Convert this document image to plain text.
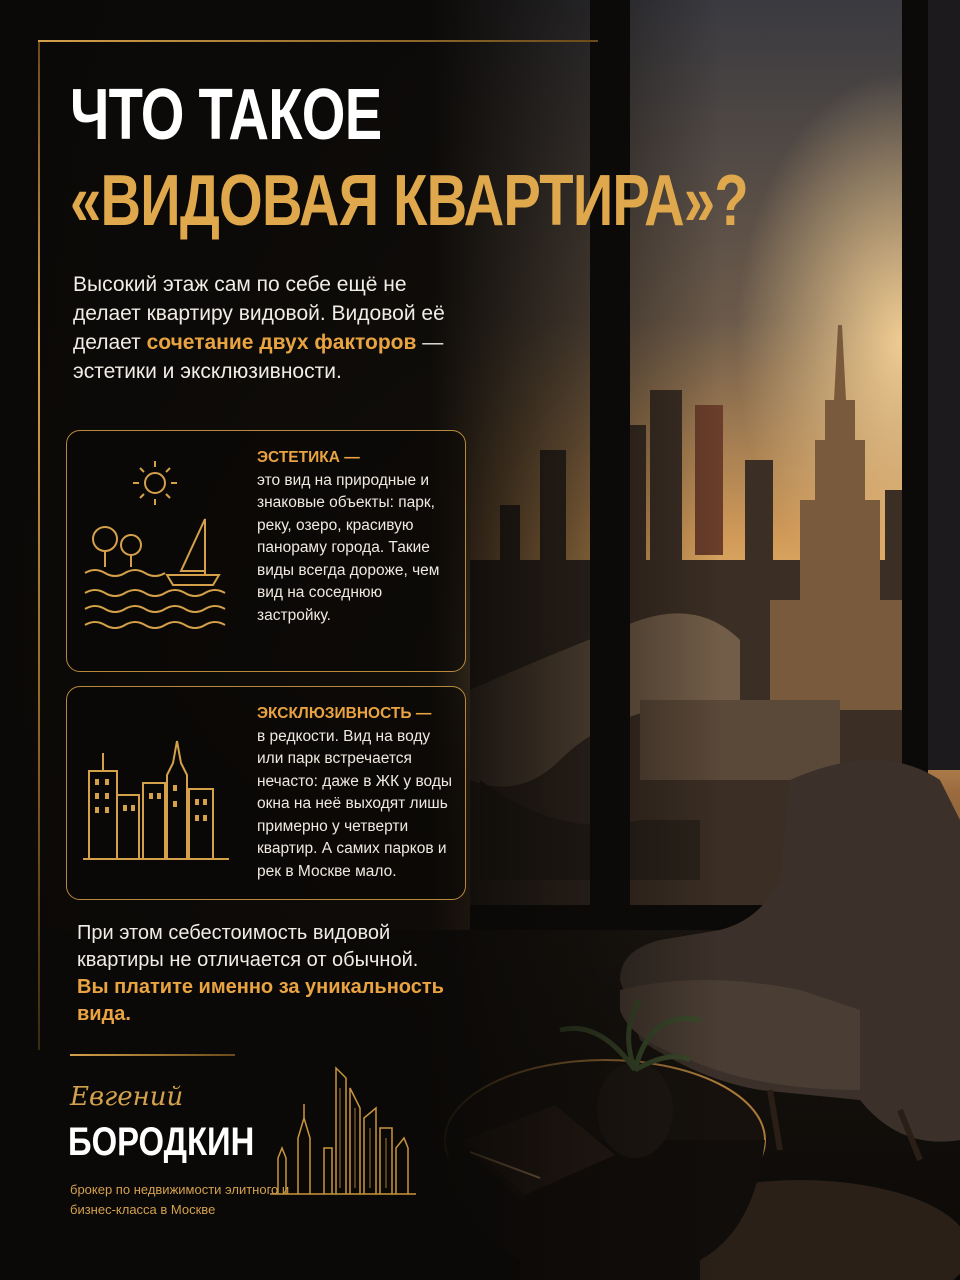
ЧТО ТАКОЕ
«ВИДОВАЯ КВАРТИРА»?

Высокий этаж сам по себе ещё не делает квартиру видовой. Видовой её делает сочетание двух факторов — эстетики и эксклюзивности.

ЭСТЕТИКА —
это вид на природные и знаковые объекты: парк, реку, озеро, красивую панораму города. Такие виды всегда дороже, чем вид на соседнюю застройку.
ЭКСКЛЮЗИВНОСТЬ —
в редкости. Вид на воду или парк встречается нечасто: даже в ЖК у воды окна на неё выходят лишь примерно у четверти квартир. А самих парков и рек в Москве мало.

При этом себестоимость видовой квартиры не отличается от обычной.
Вы платите именно за уникальность вида.

Евгений
БОРОДКИН
брокер по недвижимости элитного и бизнес-класса в Москве
